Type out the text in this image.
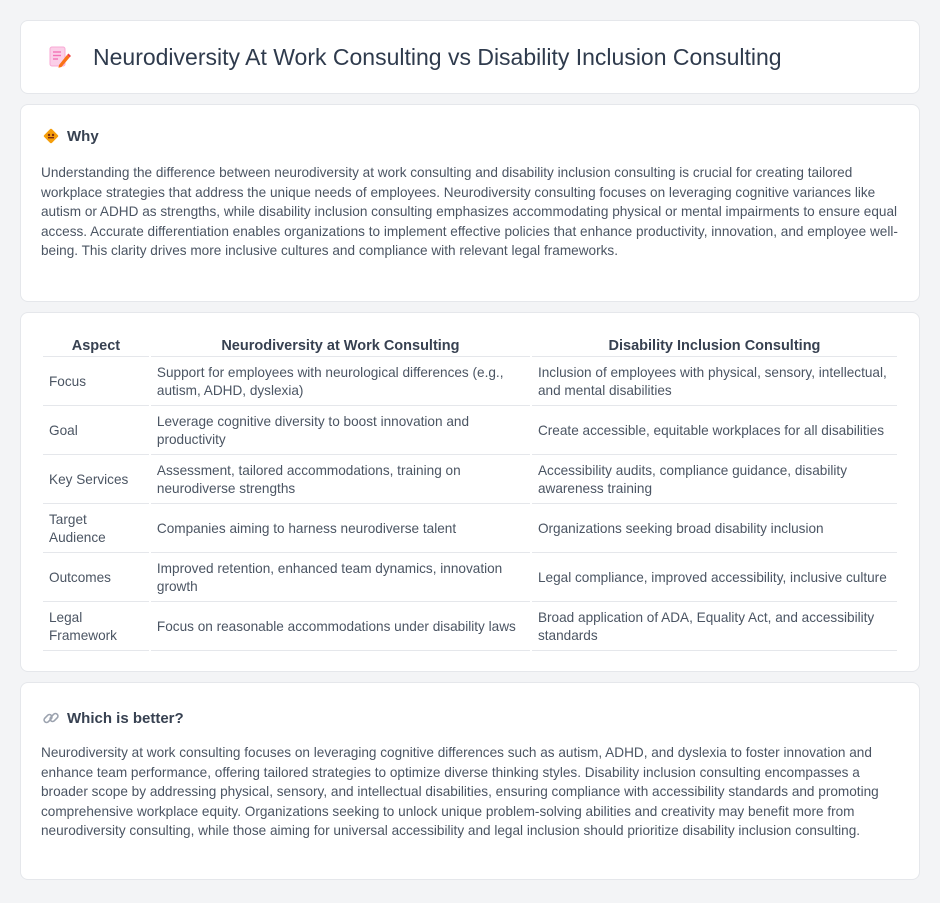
Neurodiversity At Work Consulting vs Disability Inclusion Consulting
Why

Understanding the difference between neurodiversity at work consulting and disability inclusion consulting is crucial for creating tailored workplace strategies that address the unique needs of employees. Neurodiversity consulting focuses on leveraging cognitive variances like autism or ADHD as strengths, while disability inclusion consulting emphasizes accommodating physical or mental impairments to ensure equal access. Accurate differentiation enables organizations to implement effective policies that enhance productivity, innovation, and employee well-being. This clarity drives more inclusive cultures and compliance with relevant legal frameworks.

Aspect	Neurodiversity at Work Consulting	Disability Inclusion Consulting
Focus	Support for employees with neurological differences (e.g., autism, ADHD, dyslexia)	Inclusion of employees with physical, sensory, intellectual, and mental disabilities
Goal	Leverage cognitive diversity to boost innovation and productivity	Create accessible, equitable workplaces for all disabilities
Key Services	Assessment, tailored accommodations, training on neurodiverse strengths	Accessibility audits, compliance guidance, disability awareness training
Target Audience	Companies aiming to harness neurodiverse talent	Organizations seeking broad disability inclusion
Outcomes	Improved retention, enhanced team dynamics, innovation growth	Legal compliance, improved accessibility, inclusive culture
Legal Framework	Focus on reasonable accommodations under disability laws	Broad application of ADA, Equality Act, and accessibility standards
Which is better?

Neurodiversity at work consulting focuses on leveraging cognitive differences such as autism, ADHD, and dyslexia to foster innovation and enhance team performance, offering tailored strategies to optimize diverse thinking styles. Disability inclusion consulting encompasses a broader scope by addressing physical, sensory, and intellectual disabilities, ensuring compliance with accessibility standards and promoting comprehensive workplace equity. Organizations seeking to unlock unique problem-solving abilities and creativity may benefit more from neurodiversity consulting, while those aiming for universal accessibility and legal inclusion should prioritize disability inclusion consulting.
